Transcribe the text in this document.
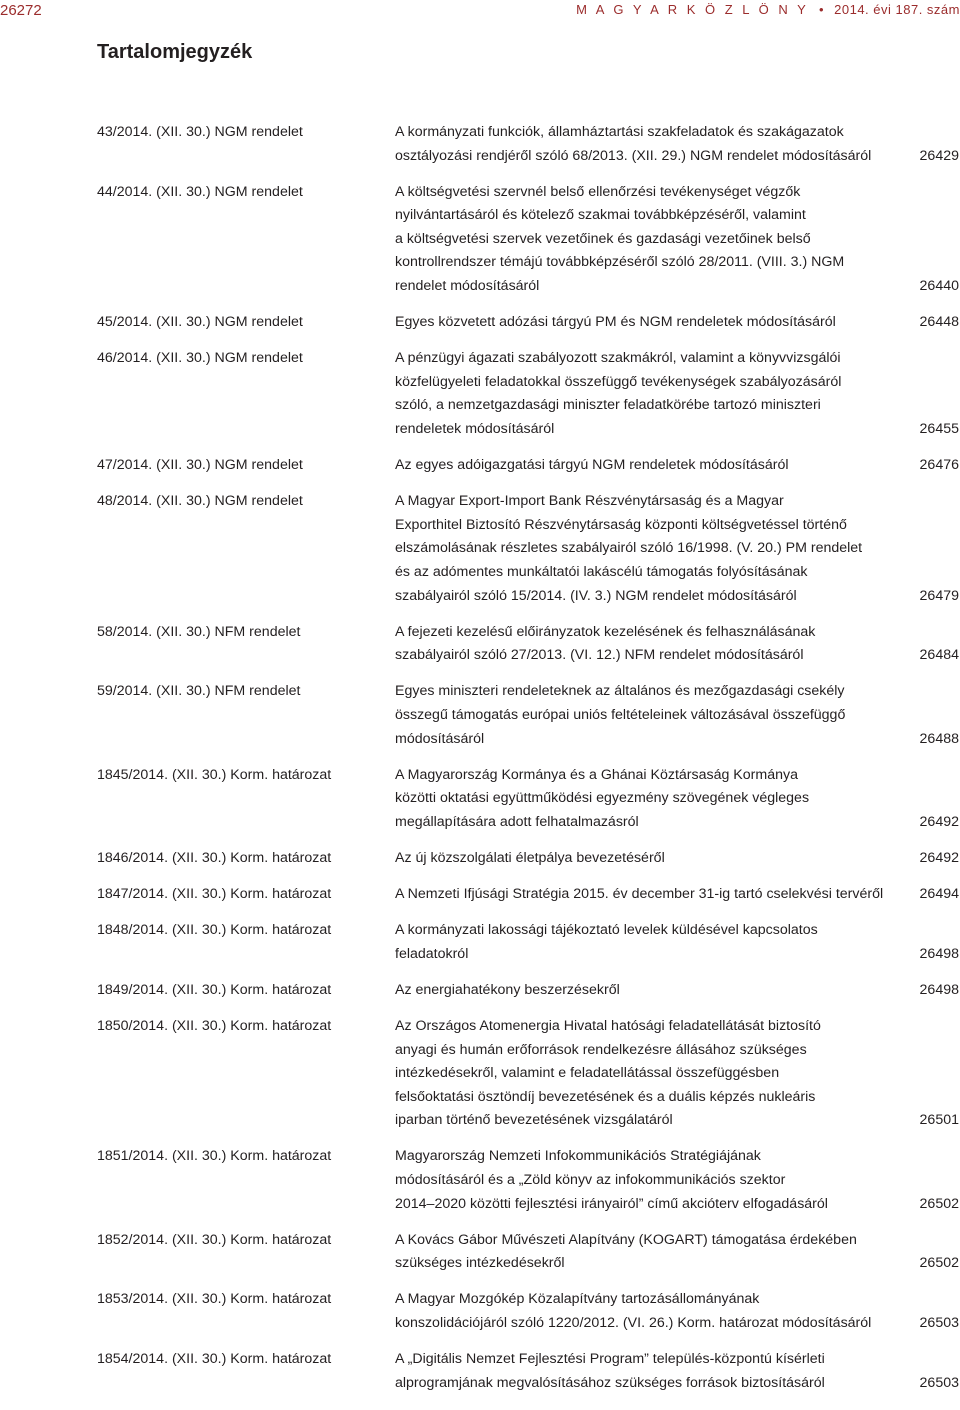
26272	M A G Y A R K Ö Z L Ö N Y • 2014. évi 187. szám
Tartalomjegyzék
43/2014. (XII. 30.) NGM rendelet	A kormányzati funkciók, államháztartási szakfeladatok és szakágazatok
osztályozási rendjéről szóló 68/2013. (XII. 29.) NGM rendelet módosításáról	26429
44/2014. (XII. 30.) NGM rendelet	A költségvetési szervnél belső ellenőrzési tevékenységet végzők
nyilvántartásáról és kötelező szakmai továbbképzéséről, valamint
a költségvetési szervek vezetőinek és gazdasági vezetőinek belső
kontrollrendszer témájú továbbképzéséről szóló 28/2011. (VIII. 3.) NGM
rendelet módosításáról	26440
45/2014. (XII. 30.) NGM rendelet	Egyes közvetett adózási tárgyú PM és NGM rendeletek módosításáról	26448
46/2014. (XII. 30.) NGM rendelet	A pénzügyi ágazati szabályozott szakmákról, valamint a könyvvizsgálói
közfelügyeleti feladatokkal összefüggő tevékenységek szabályozásáról
szóló, a nemzetgazdasági miniszter feladatkörébe tartozó miniszteri
rendeletek módosításáról	26455
47/2014. (XII. 30.) NGM rendelet	Az egyes adóigazgatási tárgyú NGM rendeletek módosításáról	26476
48/2014. (XII. 30.) NGM rendelet	A Magyar Export-Import Bank Részvénytársaság és a Magyar
Exporthitel Biztosító Részvénytársaság központi költségvetéssel történő
elszámolásának részletes szabályairól szóló 16/1998. (V. 20.) PM rendelet
és az adómentes munkáltatói lakáscélú támogatás folyósításának
szabályairól szóló 15/2014. (IV. 3.) NGM rendelet módosításáról	26479
58/2014. (XII. 30.) NFM rendelet	A fejezeti kezelésű előirányzatok kezelésének és felhasználásának
szabályairól szóló 27/2013. (VI. 12.) NFM rendelet módosításáról	26484
59/2014. (XII. 30.) NFM rendelet	Egyes miniszteri rendeleteknek az általános és mezőgazdasági csekély
összegű támogatás európai uniós feltételeinek változásával összefüggő
módosításáról	26488
1845/2014. (XII. 30.) Korm. határozat	A Magyarország Kormánya és a Ghánai Köztársaság Kormánya
közötti oktatási együttműködési egyezmény szövegének végleges
megállapítására adott felhatalmazásról	26492
1846/2014. (XII. 30.) Korm. határozat	Az új közszolgálati életpálya bevezetéséről	26492
1847/2014. (XII. 30.) Korm. határozat	A Nemzeti Ifjúsági Stratégia 2015. év december 31-ig tartó cselekvési tervéről	26494
1848/2014. (XII. 30.) Korm. határozat	A kormányzati lakossági tájékoztató levelek küldésével kapcsolatos
feladatokról	26498
1849/2014. (XII. 30.) Korm. határozat	Az energiahatékony beszerzésekről	26498
1850/2014. (XII. 30.) Korm. határozat	Az Országos Atomenergia Hivatal hatósági feladatellátását biztosító
anyagi és humán erőforrások rendelkezésre állásához szükséges
intézkedésekről, valamint e feladatellátással összefüggésben
felsőoktatási ösztöndíj bevezetésének és a duális képzés nukleáris
iparban történő bevezetésének vizsgálatáról	26501
1851/2014. (XII. 30.) Korm. határozat	Magyarország Nemzeti Infokommunikációs Stratégiájának
módosításáról és a „Zöld könyv az infokommunikációs szektor
2014–2020 közötti fejlesztési irányairól” című akcióterv elfogadásáról	26502
1852/2014. (XII. 30.) Korm. határozat	A Kovács Gábor Művészeti Alapítvány (KOGART) támogatása érdekében
szükséges intézkedésekről	26502
1853/2014. (XII. 30.) Korm. határozat	A Magyar Mozgókép Közalapítvány tartozásállományának
konszolidációjáról szóló 1220/2012. (VI. 26.) Korm. határozat módosításáról	26503
1854/2014. (XII. 30.) Korm. határozat	A „Digitális Nemzet Fejlesztési Program” település-központú kísérleti
alprogramjának megvalósításához szükséges források biztosításáról	26503
